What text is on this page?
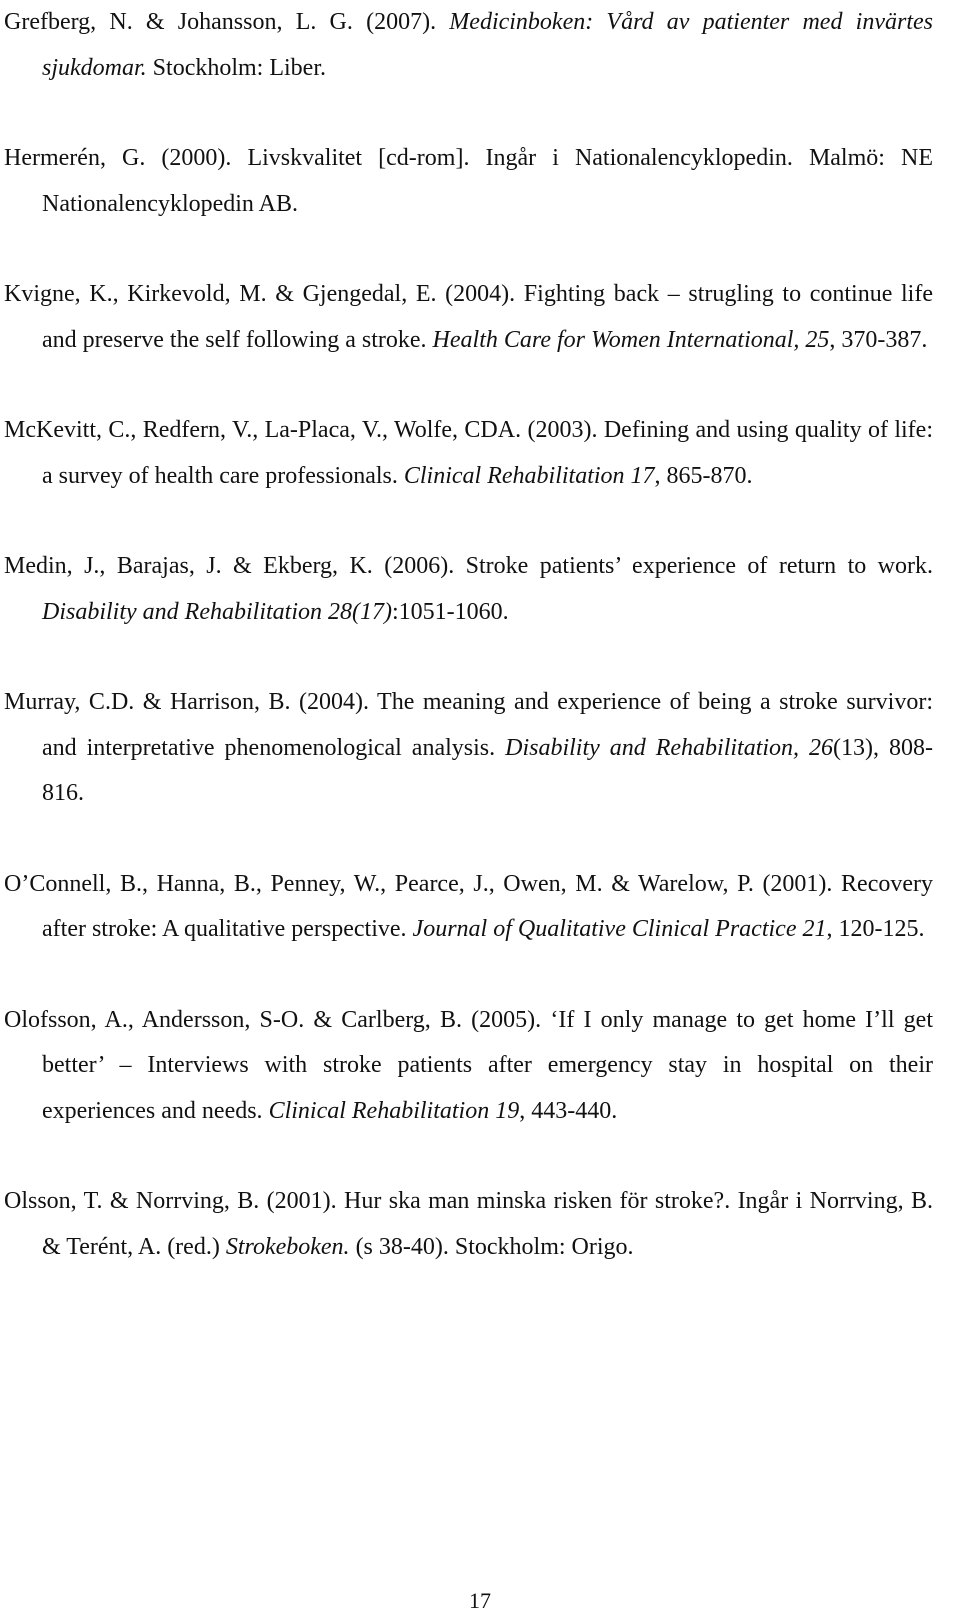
Grefberg, N. & Johansson, L. G. (2007). Medicinboken: Vård av patienter med invärtes sjukdomar. Stockholm: Liber.
Hermerén, G. (2000). Livskvalitet [cd-rom]. Ingår i Nationalencyklopedin. Malmö: NE Nationalencyklopedin AB.
Kvigne, K., Kirkevold, M. & Gjengedal, E. (2004). Fighting back – strugling to continue life and preserve the self following a stroke. Health Care for Women International, 25, 370-387.
McKevitt, C., Redfern, V., La-Placa, V., Wolfe, CDA. (2003). Defining and using quality of life: a survey of health care professionals. Clinical Rehabilitation 17, 865-870.
Medin, J., Barajas, J. & Ekberg, K. (2006). Stroke patients’ experience of return to work. Disability and Rehabilitation 28(17):1051-1060.
Murray, C.D. & Harrison, B. (2004). The meaning and experience of being a stroke survivor: and interpretative phenomenological analysis. Disability and Rehabilitation, 26(13), 808-816.
O’Connell, B., Hanna, B., Penney, W., Pearce, J., Owen, M. & Warelow, P. (2001). Recovery after stroke: A qualitative perspective. Journal of Qualitative Clinical Practice 21, 120-125.
Olofsson, A., Andersson, S-O. & Carlberg, B. (2005). ‘If I only manage to get home I’ll get better’ – Interviews with stroke patients after emergency stay in hospital on their experiences and needs. Clinical Rehabilitation 19, 443-440.
Olsson, T. & Norrving, B. (2001). Hur ska man minska risken för stroke?. Ingår i Norrving, B. & Terént, A. (red.) Strokeboken. (s 38-40). Stockholm: Origo.
17
